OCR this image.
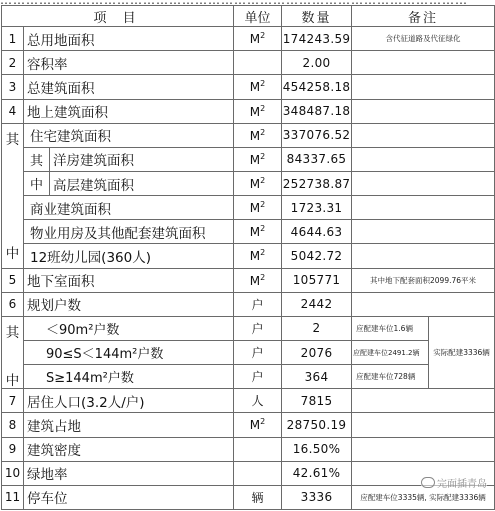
………………………………………………………………………………………………
项 目			单位	数量	备注	
1	总用地面积		$M^2$	174243.59	含代征道路及代征绿化	
2	容积率			2.00		
3	总建筑面积		$M^2$	454258.18		
4	地上建筑面积		$M^2$	348487.18		

其
中	住宅建筑面积		$M^2$	337076.52		
	其	洋房建筑面积	$M^2$	84337.65		
	中	高层建筑面积	$M^2$	252738.87		
	商业建筑面积		$M^2$	1723.31		
	物业用房及其他配套建筑面积		$M^2$	4644.63		
	12班幼儿园(360人)		$M^2$	5042.72		
5	地下室面积		$M^2$	105771	其中地下配套面积2099.76平米	
6	规划户数		户	2442		

其
中	＜90m²户数		户	2	应配建车位1.6辆	实际配建3336辆
	90≤S＜144m²户数		户	2076	应配建车位2491.2辆	
	S≥144m²户数		户	364	应配建车位728辆	
7	居住人口(3.2人/户)		人	7815		
8	建筑占地		$M^2$	28750.19		
9	建筑密度			16.50%		
10	绿地率			42.61%		
11	停车位		辆	3336	应配建车位3335辆, 实际配建3336辆	
完面插青岛
